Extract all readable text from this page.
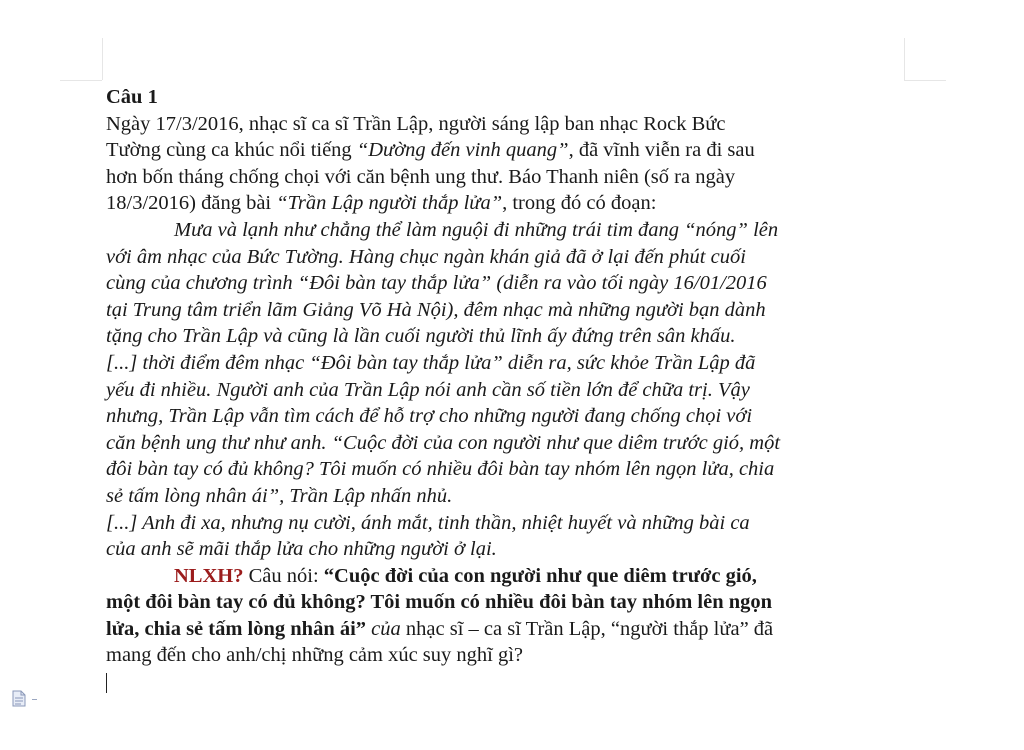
Câu 1
Ngày 17/3/2016, nhạc sĩ ca sĩ Trần Lập, người sáng lập ban nhạc Rock Bức
Tường cùng ca khúc nổi tiếng “Dường đến vinh quang”, đã vĩnh viễn ra đi sau
hơn bốn tháng chống chọi với căn bệnh ung thư. Báo Thanh niên (số ra ngày
18/3/2016) đăng bài “Trần Lập người thắp lửa”, trong đó có đoạn:
Mưa và lạnh như chẳng thể làm nguội đi những trái tim đang “nóng” lên
với âm nhạc của Bức Tường. Hàng chục ngàn khán giả đã ở lại đến phút cuối
cùng của chương trình “Đôi bàn tay thắp lửa” (diễn ra vào tối ngày 16/01/2016
tại Trung tâm triển lãm Giảng Võ Hà Nội), đêm nhạc mà những người bạn dành
tặng cho Trần Lập và cũng là lần cuối người thủ lĩnh ấy đứng trên sân khấu.
[...] thời điểm đêm nhạc “Đôi bàn tay thắp lửa” diễn ra, sức khỏe Trần Lập đã
yếu đi nhiều. Người anh của Trần Lập nói anh cần số tiền lớn để chữa trị. Vậy
nhưng, Trần Lập vẫn tìm cách để hỗ trợ cho những người đang chống chọi với
căn bệnh ung thư như anh. “Cuộc đời của con người như que diêm trước gió, một
đôi bàn tay có đủ không? Tôi muốn có nhiều đôi bàn tay nhóm lên ngọn lửa, chia
sẻ tấm lòng nhân ái”, Trần Lập nhấn nhủ.
[...] Anh đi xa, nhưng nụ cười, ánh mắt, tinh thần, nhiệt huyết và những bài ca
của anh sẽ mãi thắp lửa cho những người ở lại.
NLXH? Câu nói: “Cuộc đời của con người như que diêm trước gió,
một đôi bàn tay có đủ không? Tôi muốn có nhiều đôi bàn tay nhóm lên ngọn
lửa, chia sẻ tấm lòng nhân ái” của nhạc sĩ – ca sĩ Trần Lập, “người thắp lửa” đã
mang đến cho anh/chị những cảm xúc suy nghĩ gì?
